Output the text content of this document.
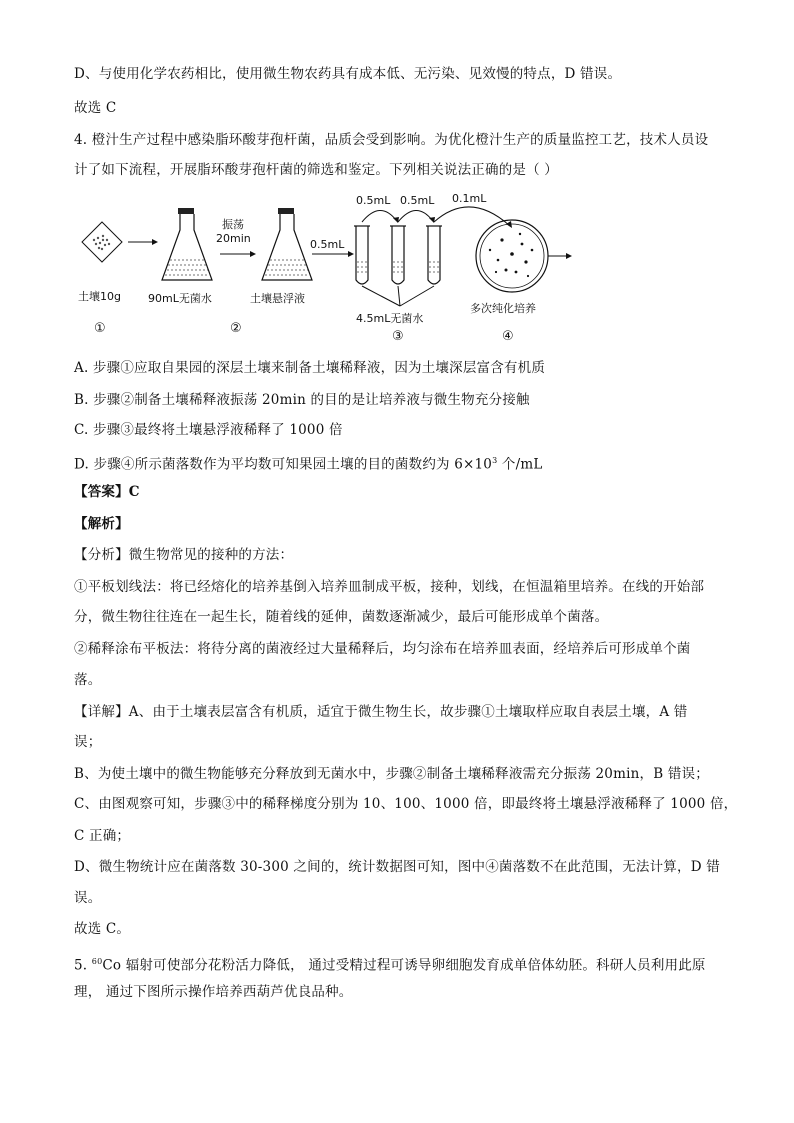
D、与使用化学农药相比，使用微生物农药具有成本低、无污染、见效慢的特点，D 错误。
故选 C
4. 橙汁生产过程中感染脂环酸芽孢杆菌，品质会受到影响。为优化橙汁生产的质量监控工艺，技术人员设
计了如下流程，开展脂环酸芽孢杆菌的筛选和鉴定。下列相关说法正确的是（ ）
振荡
20min	0.5mL
0.5mL 0.5mL 0.1mL
土壤10g 90mL无菌水	土壤悬浮液
4.5mL无菌水
多次纯化培养
①	②
③	④
A. 步骤①应取自果园的深层土壤来制备土壤稀释液，因为土壤深层富含有机质
B. 步骤②制备土壤稀释液振荡 20min 的目的是让培养液与微生物充分接触
C. 步骤③最终将土壤悬浮液稀释了 1000 倍
D. 步骤④所示菌落数作为平均数可知果园土壤的目的菌数约为 $6\times 10^3$ 个/mL
【答案】C
【解析】
【分析】微生物常见的接种的方法：
①平板划线法：将已经熔化的培养基倒入培养皿制成平板，接种，划线，在恒温箱里培养。在线的开始部
分，微生物往往连在一起生长，随着线的延伸，菌数逐渐减少，最后可能形成单个菌落。
②稀释涂布平板法：将待分离的菌液经过大量稀释后，均匀涂布在培养皿表面，经培养后可形成单个菌
落。
【详解】A、由于土壤表层富含有机质，适宜于微生物生长，故步骤①土壤取样应取自表层土壤，A 错
误；
B、为使土壤中的微生物能够充分释放到无菌水中，步骤②制备土壤稀释液需充分振荡 20min，B 错误；
C、由图观察可知，步骤③中的稀释梯度分别为 10、100、1000 倍，即最终将土壤悬浮液稀释了 1000 倍，
C 正确；
D、微生物统计应在菌落数 30-300 之间的，统计数据图可知，图中④菌落数不在此范围，无法计算，D 错
误。
故选 C。
5. $^{60}$Co 辐射可使部分花粉活力降低， 通过受精过程可诱导卵细胞发育成单倍体幼胚。科研人员利用此原
理， 通过下图所示操作培养西葫芦优良品种。
